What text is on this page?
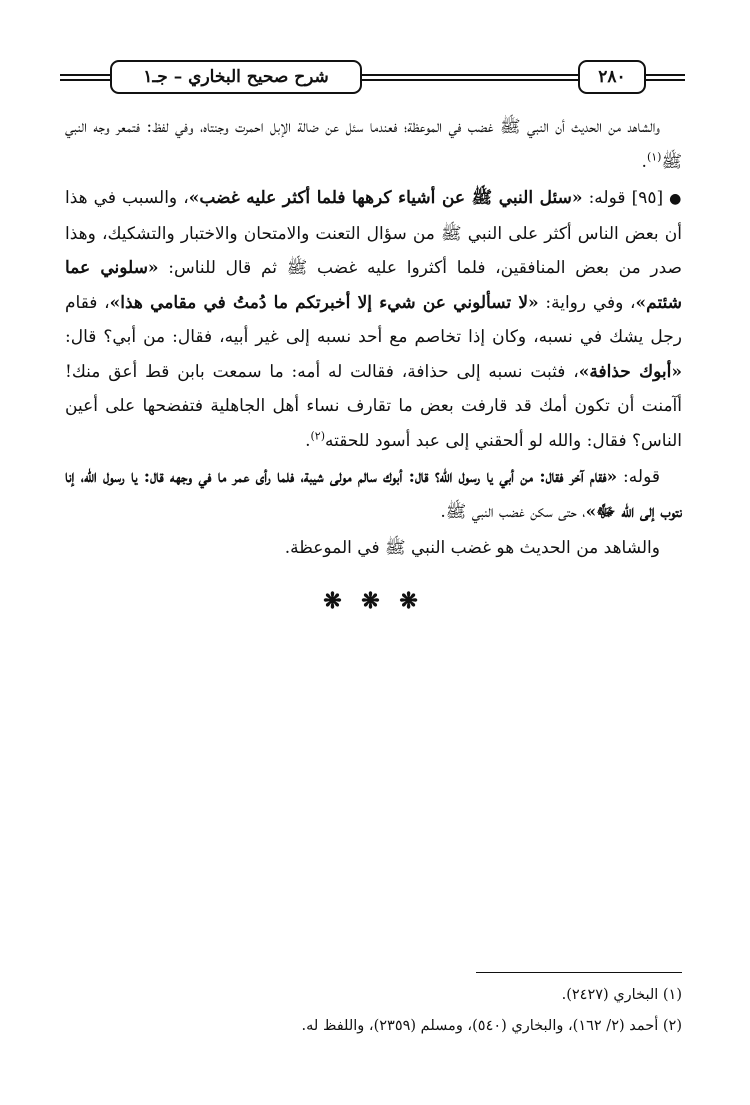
شرح صحيح البخاري – جـ١	٢٨٠

والشاهد من الحديث أن النبي ﷺ غضب في الموعظة؛ فعندما سئل عن ضالة الإبل احمرت وجنتاه، وفي لفظ: فتمعر وجه النبي ﷺ$^{(١)}$.

●[٩٥] قوله: «سئل النبي ﷺ عن أشياء كرهها فلما أكثر عليه غضب»، والسبب في هذا أن بعض الناس أكثر على النبي ﷺ من سؤال التعنت والامتحان والاختبار والتشكيك، وهذا صدر من بعض المنافقين، فلما أكثروا عليه غضب ﷺ ثم قال للناس: «سلوني عما شئتم»، وفي رواية: «لا تسألوني عن شيء إلا أخبرتكم ما دُمتُ في مقامي هذا»، فقام رجل يشك في نسبه، وكان إذا تخاصم مع أحد نسبه إلى غير أبيه، فقال: من أبي؟ قال: «أبوك حذافة»، فثبت نسبه إلى حذافة، فقالت له أمه: ما سمعت بابن قط أعق منك! أآمنت أن تكون أمك قد قارفت بعض ما تقارف نساء أهل الجاهلية فتفضحها على أعين الناس؟ فقال: والله لو ألحقني إلى عبد أسود للحقته$^{(٢)}$.

قوله: «فقام آخر فقال: من أبي يا رسول الله؟ قال: أبوك سالم مولى شيبة، فلما رأى عمر ما في وجهه قال: يا رسول الله، إنا نتوب إلى الله ﷻ»، حتى سكن غضب النبي ﷺ.

والشاهد من الحديث هو غضب النبي ﷺ في الموعظة.

❋ ❋ ❋
(١) البخاري (٢٤٢٧).
(٢) أحمد (٢/ ١٦٢)، والبخاري (٥٤٠)، ومسلم (٢٣٥٩)، واللفظ له.
